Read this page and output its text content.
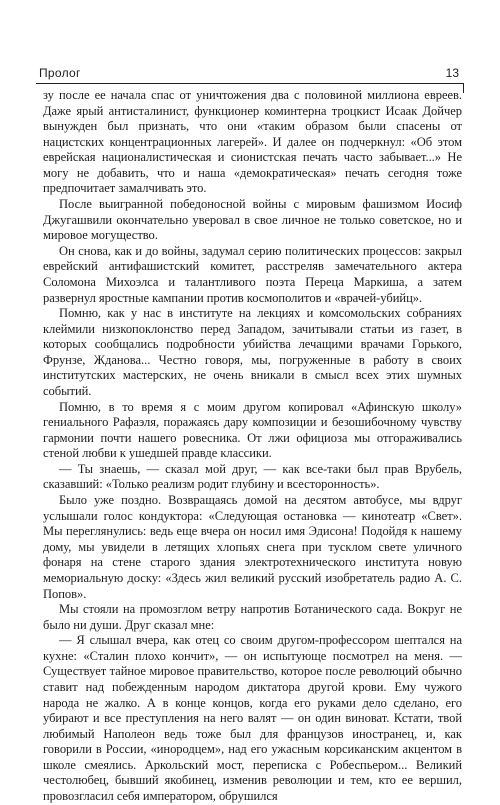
Пролог	13

зу после ее начала спас от уничтожения два с половиной миллиона евреев. Даже ярый антисталинист, функционер коминтерна троцкист Исаак Дойчер вынужден был признать, что они «таким образом были спасены от нацистских концентрационных лагерей». И далее он подчеркнул: «Об этом еврейская националистическая и сионистская печать часто забывает...» Не могу не добавить, что и наша «демократическая» печать сегодня тоже предпочитает замалчивать это.

После выигранной победоносной войны с мировым фашизмом Иосиф Джугашвили окончательно уверовал в свое личное не только советское, но и мировое могущество.

Он снова, как и до войны, задумал серию политических процессов: закрыл еврейский антифашистский комитет, расстреляв замечательного актера Соломона Михоэлса и талантливого поэта Переца Маркиша, а затем развернул яростные кампании против космополитов и «врачей-убийц».

Помню, как у нас в институте на лекциях и комсомольских собраниях клеймили низкопоклонство перед Западом, зачитывали статьи из газет, в которых сообщались подробности убийства лечащими врачами Горького, Фрунзе, Жданова... Честно говоря, мы, погруженные в работу в своих институтских мастерских, не очень вникали в смысл всех этих шумных событий.

Помню, в то время я с моим другом копировал «Афинскую школу» гениального Рафаэля, поражаясь дару композиции и безошибочному чувству гармонии почти нашего ровесника. От лжи официоза мы отгораживались стеной любви к ушедшей правде классики.

— Ты знаешь, — сказал мой друг, — как все-таки был прав Врубель, сказавший: «Только реализм родит глубину и всесторонность».

Было уже поздно. Возвращаясь домой на десятом автобусе, мы вдруг услышали голос кондуктора: «Следующая остановка — кинотеатр «Свет». Мы переглянулись: ведь еще вчера он носил имя Эдисона! Подойдя к нашему дому, мы увидели в летящих хлопьях снега при тусклом свете уличного фонаря на стене старого здания электротехнического института новую мемориальную доску: «Здесь жил великий русский изобретатель радио А. С. Попов».

Мы стояли на промозглом ветру напротив Ботанического сада. Вокруг не было ни души. Друг сказал мне:

— Я слышал вчера, как отец со своим другом-профессором шептался на кухне: «Сталин плохо кончит», — он испытующе посмотрел на меня. — Существует тайное мировое правительство, которое после революций обычно ставит над побежденным народом диктатора другой крови. Ему чужого народа не жалко. А в конце концов, когда его руками дело сделано, его убирают и все преступления на него валят — он один виноват. Кстати, твой любимый Наполеон ведь тоже был для французов иностранец, и, как говорили в России, «инородцем», над его ужасным корсиканским акцентом в школе смеялись. Аркольский мост, переписка с Робеспьером... Великий честолюбец, бывший якобинец, изменив революции и тем, кто ее вершил, провозгласил себя императором, обрушился
